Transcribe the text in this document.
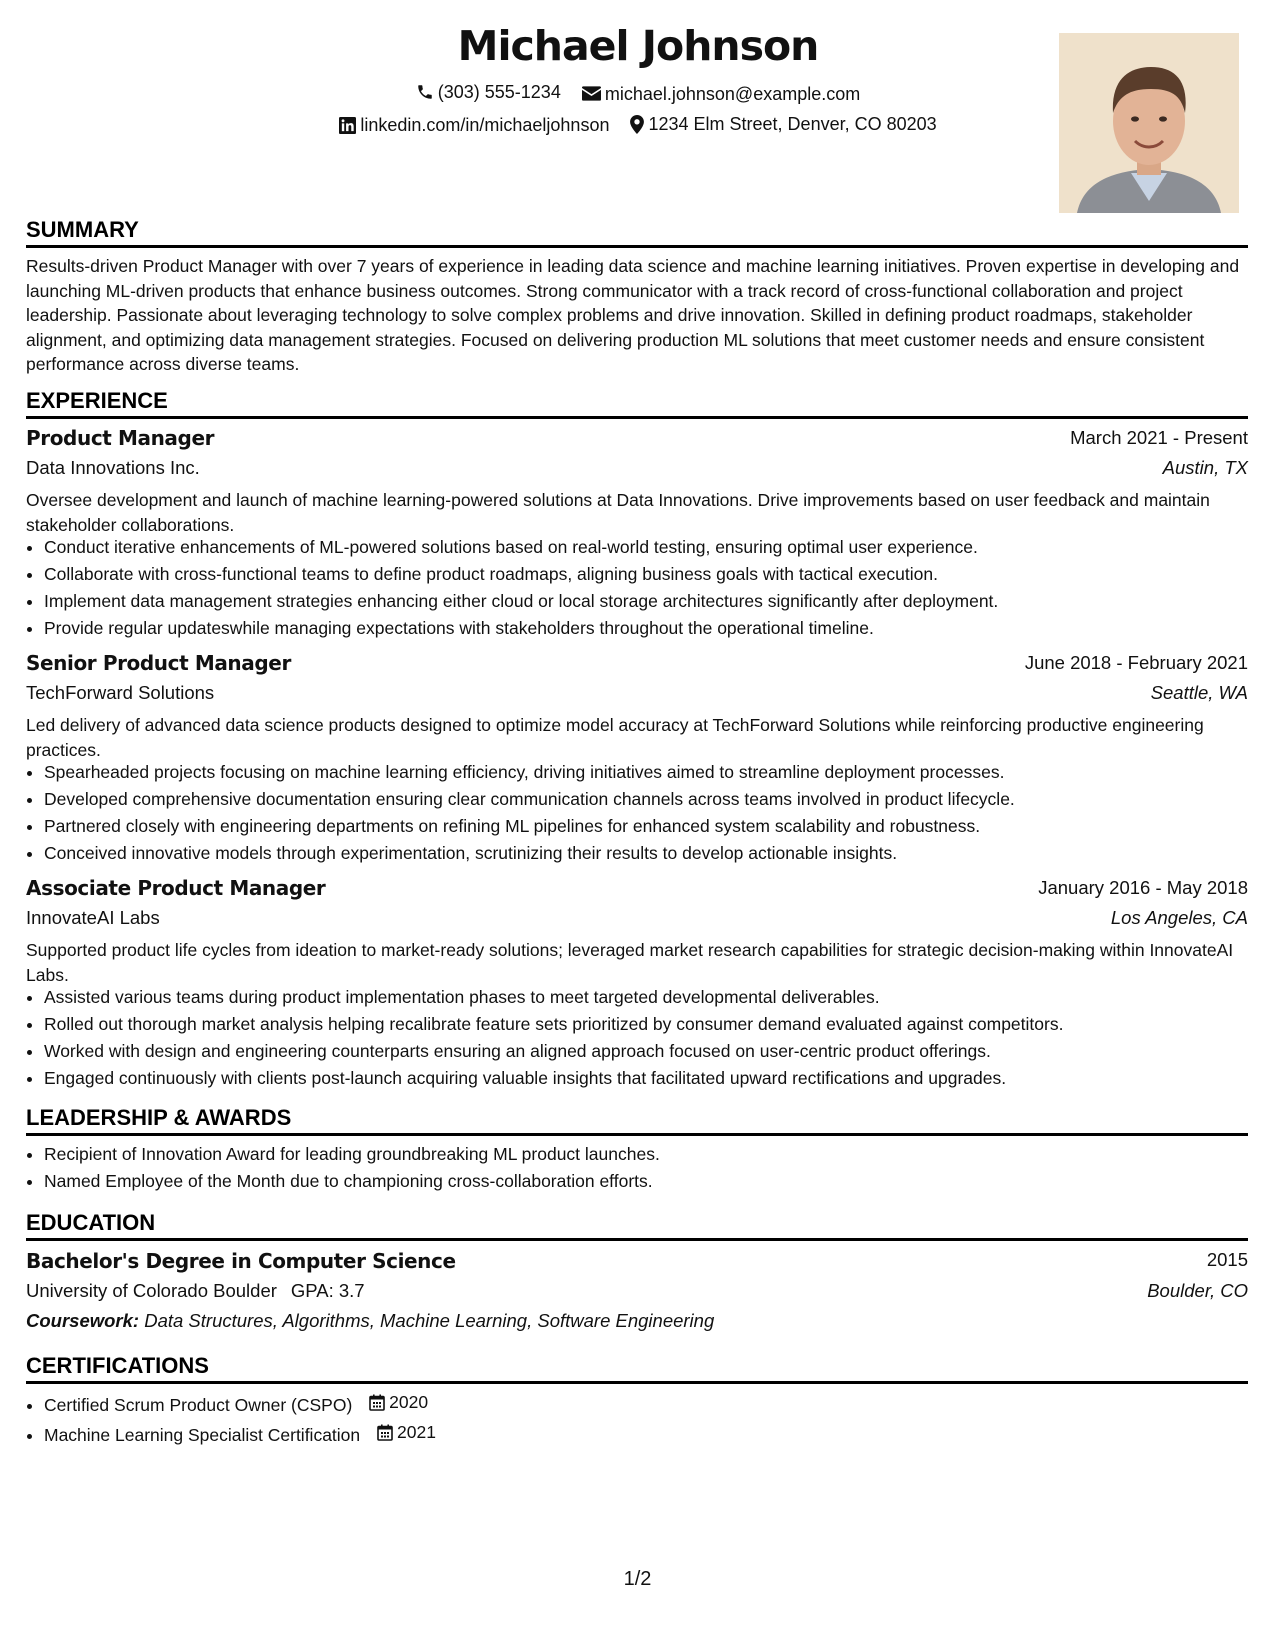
Michael Johnson
(303) 555-1234
michael.johnson@example.com
linkedin.com/in/michaeljohnson
1234 Elm Street, Denver, CO 80203
SUMMARY
Results-driven Product Manager with over 7 years of experience in leading data science and machine learning initiatives. Proven expertise in developing and launching ML-driven products that enhance business outcomes. Strong communicator with a track record of cross-functional collaboration and project leadership. Passionate about leveraging technology to solve complex problems and drive innovation. Skilled in defining product roadmaps, stakeholder alignment, and optimizing data management strategies. Focused on delivering production ML solutions that meet customer needs and ensure consistent performance across diverse teams.
EXPERIENCE
Product Manager	March 2021 - Present
Data Innovations Inc.	Austin, TX
Oversee development and launch of machine learning-powered solutions at Data Innovations. Drive improvements based on user feedback and maintain stakeholder collaborations.
• Conduct iterative enhancements of ML-powered solutions based on real-world testing, ensuring optimal user experience.
• Collaborate with cross-functional teams to define product roadmaps, aligning business goals with tactical execution.
• Implement data management strategies enhancing either cloud or local storage architectures significantly after deployment.
• Provide regular updateswhile managing expectations with stakeholders throughout the operational timeline.
Senior Product Manager	June 2018 - February 2021
TechForward Solutions	Seattle, WA
Led delivery of advanced data science products designed to optimize model accuracy at TechForward Solutions while reinforcing productive engineering practices.
• Spearheaded projects focusing on machine learning efficiency, driving initiatives aimed to streamline deployment processes.
• Developed comprehensive documentation ensuring clear communication channels across teams involved in product lifecycle.
• Partnered closely with engineering departments on refining ML pipelines for enhanced system scalability and robustness.
• Conceived innovative models through experimentation, scrutinizing their results to develop actionable insights.
Associate Product Manager	January 2016 - May 2018
InnovateAI Labs	Los Angeles, CA
Supported product life cycles from ideation to market-ready solutions; leveraged market research capabilities for strategic decision-making within InnovateAI Labs.
• Assisted various teams during product implementation phases to meet targeted developmental deliverables.
• Rolled out thorough market analysis helping recalibrate feature sets prioritized by consumer demand evaluated against competitors.
• Worked with design and engineering counterparts ensuring an aligned approach focused on user-centric product offerings.
• Engaged continuously with clients post-launch acquiring valuable insights that facilitated upward rectifications and upgrades.
LEADERSHIP & AWARDS
• Recipient of Innovation Award for leading groundbreaking ML product launches.
• Named Employee of the Month due to championing cross-collaboration efforts.
EDUCATION
Bachelor's Degree in Computer Science	2015
University of Colorado Boulder GPA: 3.7	Boulder, CO
Coursework: Data Structures, Algorithms, Machine Learning, Software Engineering
CERTIFICATIONS
• Certified Scrum Product Owner (CSPO) 2020
• Machine Learning Specialist Certification 2021
1/2
